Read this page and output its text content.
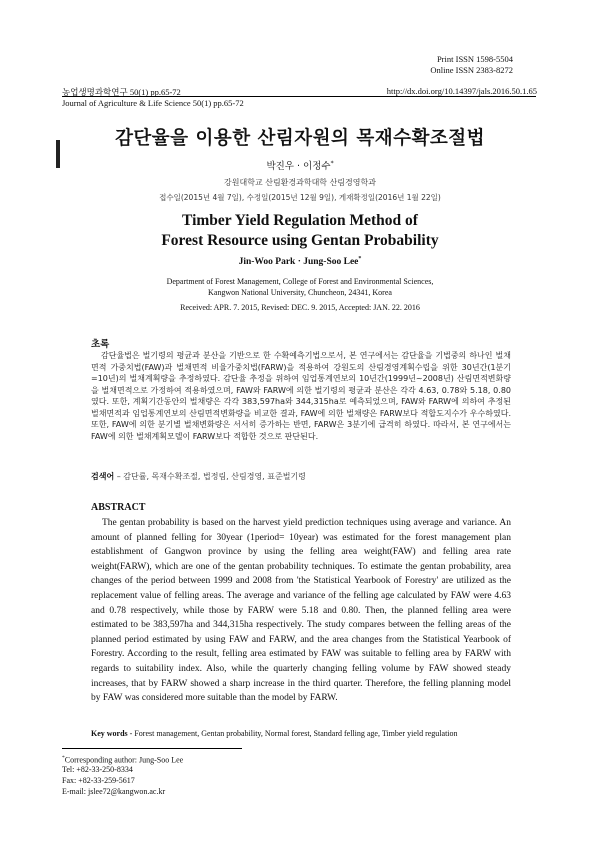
Print ISSN 1598-5504
Online ISSN 2383-8272
농업생명과학연구 50(1) pp.65-72	http://dx.doi.org/10.14397/jals.2016.50.1.65
Journal of Agriculture & Life Science 50(1) pp.65-72
감단율을 이용한 산림자원의 목재수확조절법
박진우 · 이정수*
강원대학교 산림환경과학대학 산림경영학과
접수일(2015년 4월 7일), 수정일(2015년 12월 9일), 게재확정일(2016년 1월 22일)
Timber Yield Regulation Method of
Forest Resource using Gentan Probability
Jin-Woo Park · Jung-Soo Lee*
Department of Forest Management, College of Forest and Environmental Sciences,
Kangwon National University, Chuncheon, 24341, Korea
Received: APR. 7. 2015, Revised: DEC. 9. 2015, Accepted: JAN. 22. 2016
초록
감단율법은 벌기령의 평균과 분산을 기반으로 한 수확예측기법으로서, 본 연구에서는 감단율을 기법중의 하나인 벌채면적 가중치법(FAW)과 벌채면적 비율가중치법(FARW)을 적용하여 강원도의 산림경영계획수립을 위한 30년간(1분기=10년)의 벌채계획량을 추정하였다. 감단율 추정을 위하여 임업통계연보의 10년간(1999년~2008년) 산림면적변화량을 벌채면적으로 가정하여 적용하였으며, FAW와 FARW에 의한 벌기령의 평균과 분산은 각각 4.63, 0.78와 5.18, 0.80였다. 또한, 계획기간동안의 벌채량은 각각 383,597ha와 344,315ha로 예측되었으며, FAW와 FARW에 의하여 추정된 벌채면적과 임업통계연보의 산림면적변화량을 비교한 결과, FAW에 의한 벌채량은 FARW보다 적합도지수가 우수하였다. 또한, FAW에 의한 분기별 벌채변화량은 서서히 증가하는 반면, FARW은 3분기에 급격히 하였다. 따라서, 본 연구에서는 FAW에 의한 벌채계획모델이 FARW보다 적합한 것으로 판단된다.
검색어 – 감단률, 목재수확조절, 법정림, 산림경영, 표준벌기령
ABSTRACT
The gentan probability is based on the harvest yield prediction techniques using average and variance. An amount of planned felling for 30year (1period= 10year) was estimated for the forest management plan establishment of Gangwon province by using the felling area weight(FAW) and felling area rate weight(FARW), which are one of the gentan probability techniques. To estimate the gentan probability, area changes of the period between 1999 and 2008 from 'the Statistical Yearbook of Forestry' are utilized as the replacement value of felling areas. The average and variance of the felling age calculated by FAW were 4.63 and 0.78 respectively, while those by FARW were 5.18 and 0.80. Then, the planned felling area were estimated to be 383,597ha and 344,315ha respectively. The study compares between the felling areas of the planned period estimated by using FAW and FARW, and the area changes from the Statistical Yearbook of Forestry. According to the result, felling area estimated by FAW was suitable to felling area by FARW with regards to suitability index. Also, while the quarterly changing felling volume by FAW showed steady increases, that by FARW showed a sharp increase in the third quarter. Therefore, the felling planning model by FAW was considered more suitable than the model by FARW.
Key words - Forest management, Gentan probability, Normal forest, Standard felling age, Timber yield regulation
*Corresponding author: Jung-Soo Lee
Tel: +82-33-250-8334
Fax: +82-33-259-5617
E-mail: jslee72@kangwon.ac.kr
